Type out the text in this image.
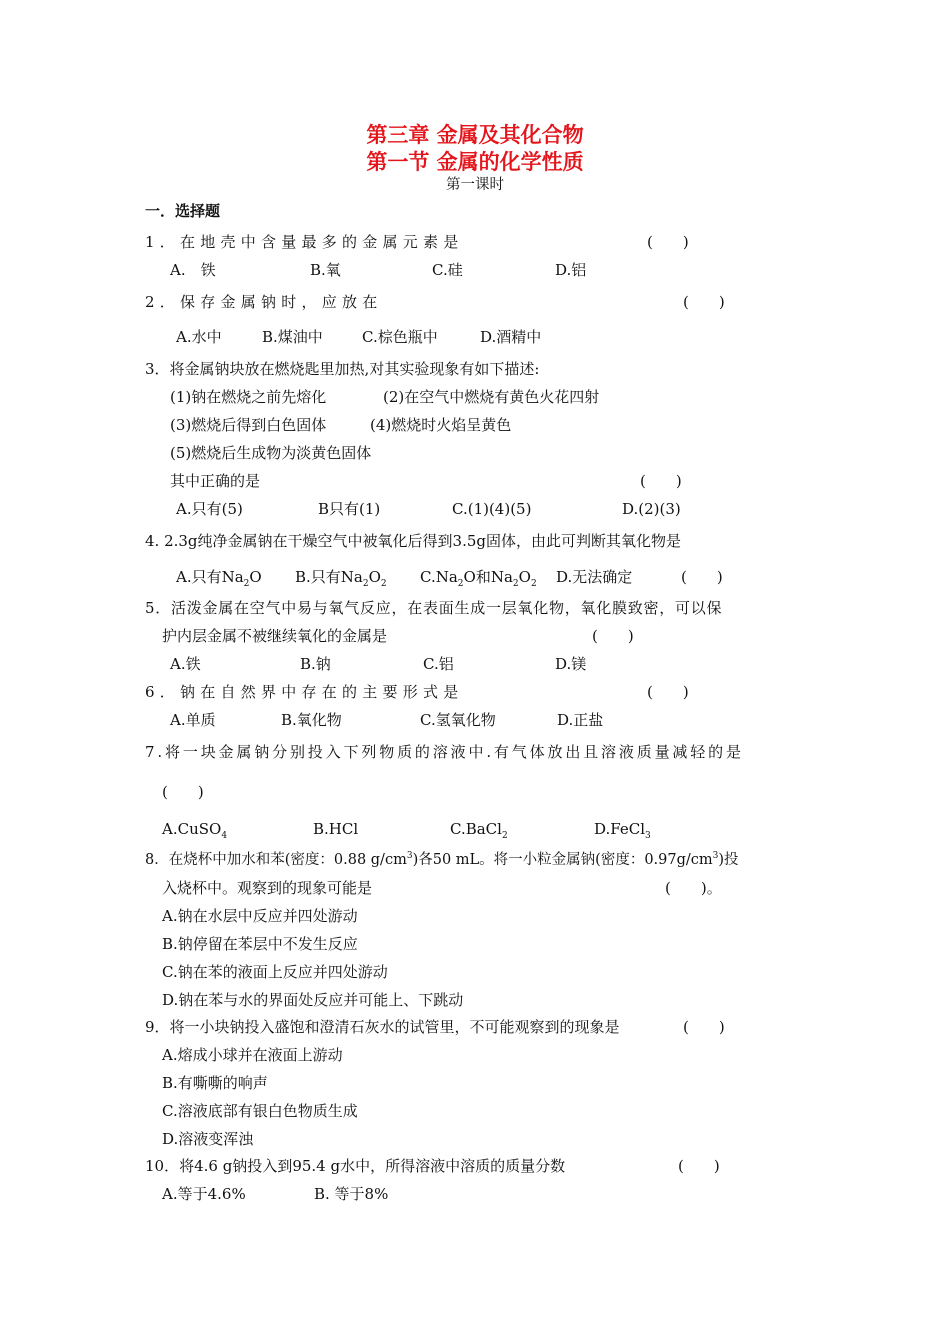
第三章 金属及其化合物
第一节 金属的化学性质
第一课时
一．选择题
1．在地壳中含量最多的金属元素是	(　　)
A.　铁	B.氧	C.硅	D.铝
2．保存金属钠时，应放在	(　　)
A.水中	B.煤油中	C.棕色瓶中	D.酒精中
3．将金属钠块放在燃烧匙里加热,对其实验现象有如下描述:
(1)钠在燃烧之前先熔化	(2)在空气中燃烧有黄色火花四射
(3)燃烧后得到白色固体	(4)燃烧时火焰呈黄色
(5)燃烧后生成物为淡黄色固体
其中正确的是	(　　)
A.只有(5)	B只有(1)	C.(1)(4)(5)	D.(2)(3)
4. 2.3g纯净金属钠在干燥空气中被氧化后得到3.5g固体，由此可判断其氧化物是
A.只有$Na_2O$ B.只有$Na_2O_2$ $C.Na_2O$和$Na_2O_2$ D.无法确定	(　　)
5．活泼金属在空气中易与氧气反应，在表面生成一层氧化物，氧化膜致密，可以保
护内层金属不被继续氧化的金属是	(　　)
A.铁	B.钠	C.铝	D.镁
6．钠在自然界中存在的主要形式是	(　　)
A.单质	B.氧化物	C.氢氧化物	D.正盐
7.将一块金属钠分别投入下列物质的溶液中.有气体放出且溶液质量减轻的是
(　　)
A.CuSO$_4$	B.HCl	C.BaCl$_2$	D.FeCl$_3$
8．在烧杯中加水和苯(密度：0.88 $g/cm^3$)各50 mL。将一小粒金属钠(密度：$0.97g/cm^3$)投
入烧杯中。观察到的现象可能是	(　　)。
A.钠在水层中反应并四处游动
B.钠停留在苯层中不发生反应
C.钠在苯的液面上反应并四处游动
D.钠在苯与水的界面处反应并可能上、下跳动
9．将一小块钠投入盛饱和澄清石灰水的试管里，不可能观察到的现象是	(　　)
A.熔成小球并在液面上游动
B.有嘶嘶的响声
C.溶液底部有银白色物质生成
D.溶液变浑浊
10．将4.6 g钠投入到95.4 g水中，所得溶液中溶质的质量分数	(　　)
A.等于4.6%	B. 等于8%
